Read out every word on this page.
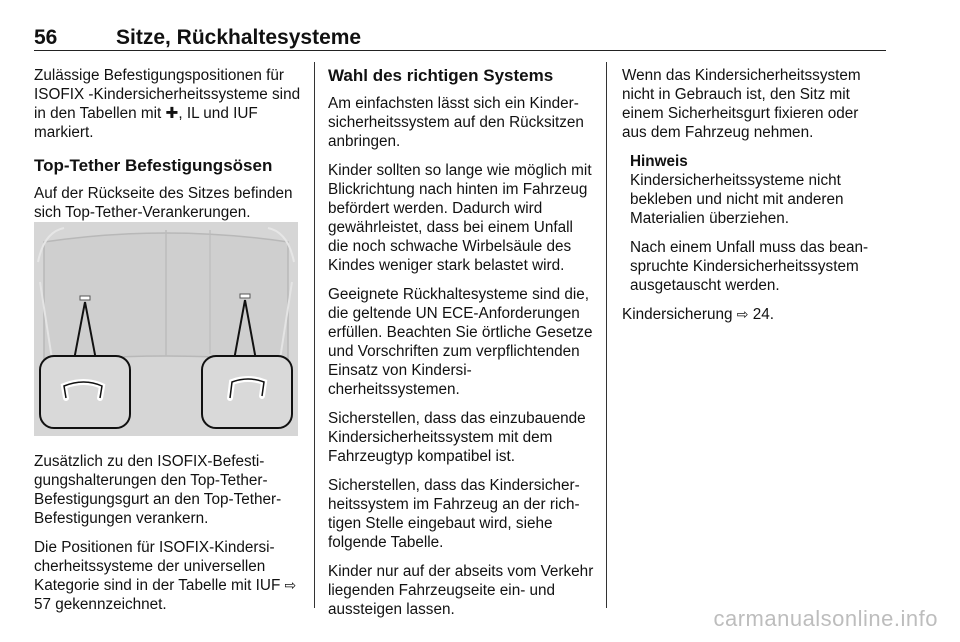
56	Sitze, Rückhaltesysteme

Zulässige Befestigungspositionen für ISOFIX -Kindersicherheitssysteme sind in den Tabellen mit ✚, IL und IUF markiert.

Top-Tether Befestigungsösen

Auf der Rückseite des Sitzes befinden sich Top-Tether-Verankerungen.

Zusätzlich zu den ISOFIX-Befestigungshalterungen den Top-Tether-Befestigungsgurt an den Top-Tether-Befestigungen verankern.

Die Positionen für ISOFIX-Kindersicherheitssysteme der universellen Kategorie sind in der Tabelle mit IUF ⇨ 57 gekennzeichnet.

Wahl des richtigen Systems

Am einfachsten lässt sich ein Kindersicherheitssystem auf den Rücksitzen anbringen.

Kinder sollten so lange wie möglich mit Blickrichtung nach hinten im Fahrzeug befördert werden. Dadurch wird gewährleistet, dass bei einem Unfall die noch schwache Wirbelsäule des Kindes weniger stark belastet wird.

Geeignete Rückhaltesysteme sind die, die geltende UN ECE-Anforderungen erfüllen. Beachten Sie örtliche Gesetze und Vorschriften zum verpflichtenden Einsatz von Kindersicherheitssystemen.

Sicherstellen, dass das einzubauende Kindersicherheitssystem mit dem Fahrzeugtyp kompatibel ist.

Sicherstellen, dass das Kindersicherheitssystem im Fahrzeug an der richtigen Stelle eingebaut wird, siehe folgende Tabelle.

Kinder nur auf der abseits vom Verkehr liegenden Fahrzeugseite ein- und aussteigen lassen.

Wenn das Kindersicherheitssystem nicht in Gebrauch ist, den Sitz mit einem Sicherheitsgurt fixieren oder aus dem Fahrzeug nehmen.

Hinweis

Kindersicherheitssysteme nicht bekleben und nicht mit anderen Materialien überziehen.

Nach einem Unfall muss das beanspruchte Kindersicherheitssystem ausgetauscht werden.

Kindersicherung ⇨ 24.

carmanualsonline.info
